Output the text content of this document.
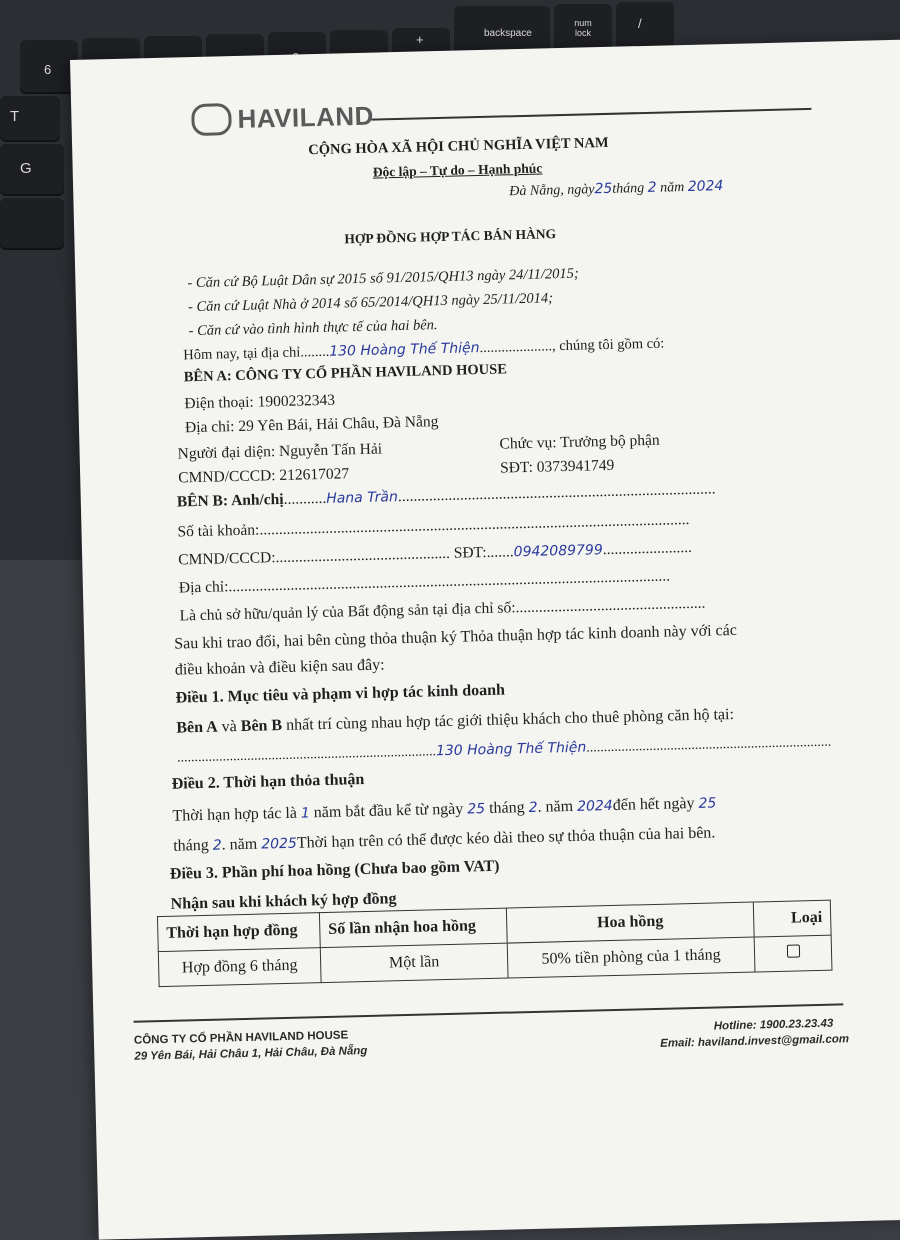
6
+	backspace
num lock
/
T
G
HAVILAND
CỘNG HÒA XÃ HỘI CHỦ NGHĨA VIỆT NAM
Độc lập – Tự do – Hạnh phúc
Đà Nẵng, ngày25tháng 2 năm 2024
HỢP ĐỒNG HỢP TÁC BÁN HÀNG
- Căn cứ Bộ Luật Dân sự 2015 số 91/2015/QH13 ngày 24/11/2015;
- Căn cứ Luật Nhà ở 2014 số 65/2014/QH13 ngày 25/11/2014;
- Căn cứ vào tình hình thực tế của hai bên.
Hôm nay, tại địa chỉ........130 Hoàng Thế Thiện...................., chúng tôi gồm có:
BÊN A: CÔNG TY CỔ PHẦN HAVILAND HOUSE
Điện thoại: 1900232343
Địa chỉ: 29 Yên Bái, Hải Châu, Đà Nẵng
Người đại diện: Nguyễn Tấn Hải	Chức vụ: Trưởng bộ phận
CMND/CCCD: 212617027	SĐT: 0373941749
BÊN B: Anh/chị...........Hana Trần..................................................................................
Số tài khoản:...............................................................................................................
CMND/CCCD:............................................. SĐT:.......0942089799.......................
Địa chỉ:..................................................................................................................
Là chủ sở hữu/quản lý của Bất động sản tại địa chỉ số:.................................................
Sau khi trao đổi, hai bên cùng thỏa thuận ký Thỏa thuận hợp tác kinh doanh này với các
điều khoản và điều kiện sau đây:
Điều 1. Mục tiêu và phạm vi hợp tác kinh doanh
Bên A và Bên B nhất trí cùng nhau hợp tác giới thiệu khách cho thuê phòng căn hộ tại:
..........................................................................130 Hoàng Thế Thiện......................................................................
Điều 2. Thời hạn thỏa thuận
Thời hạn hợp tác là 1 năm bắt đầu kể từ ngày 25 tháng 2. năm 2024đến hết ngày 25
tháng 2. năm 2025Thời hạn trên có thể được kéo dài theo sự thỏa thuận của hai bên.
Điều 3. Phần phí hoa hồng (Chưa bao gồm VAT)
Nhận sau khi khách ký hợp đồng
Thời hạn hợp đồng	Số lần nhận hoa hồng	Hoa hồng	Loại
Hợp đồng 6 tháng	Một lần	50% tiền phòng của 1 tháng	
CÔNG TY CỔ PHẦN HAVILAND HOUSE
29 Yên Bái, Hải Châu 1, Hải Châu, Đà Nẵng
Hotline: 1900.23.23.43
Email: haviland.invest@gmail.com
